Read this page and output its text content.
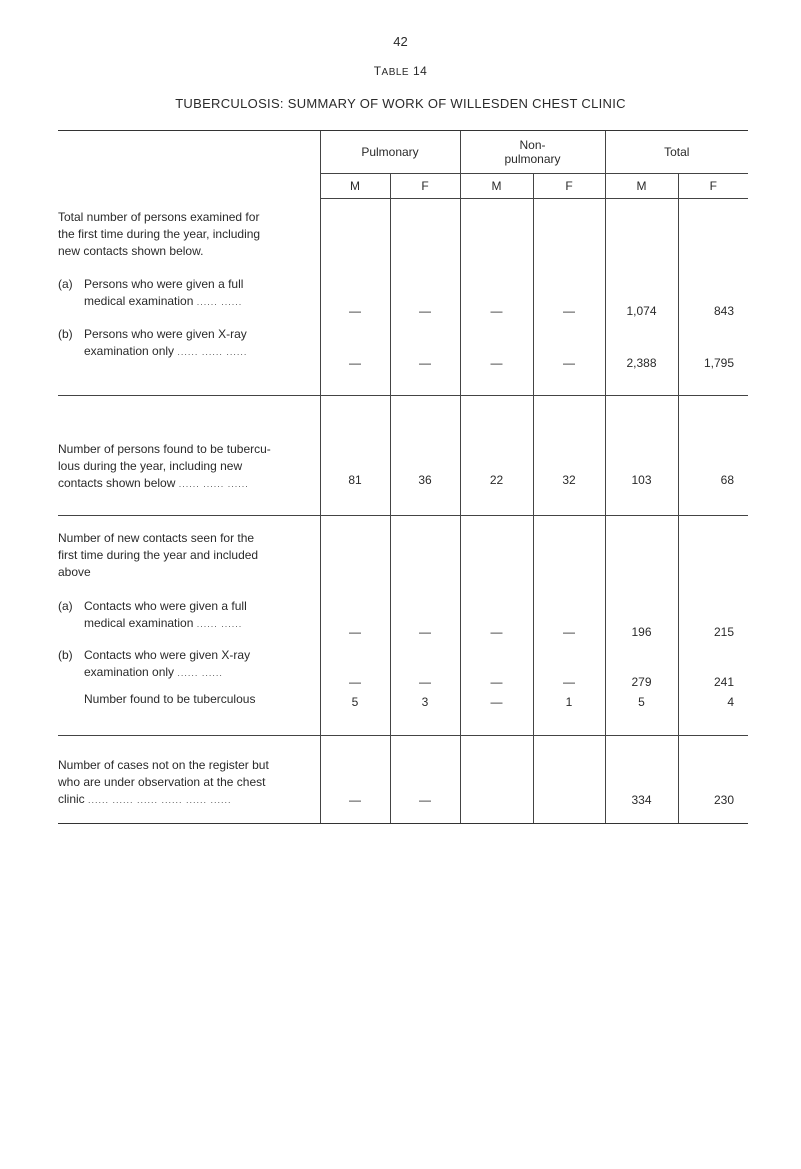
42
TABLE 14
TUBERCULOSIS: SUMMARY OF WORK OF WILLESDEN CHEST CLINIC
	Pulmonary		Non-
pulmonary		Total	
	M	F	M	F	M	F

Total number of persons examined for
the first time during the year, including
new contacts shown below.						

(a) Persons who were given a full
medical examination ...... ......	—	—	—	—	1,074	843

(b) Persons who were given X-ray
examination only ...... ...... ......	—	—	—	—	2,388	1,795

Number of persons found to be tubercu-
lous during the year, including new
contacts shown below ...... ...... ......	81	36	22	32	103	68

Number of new contacts seen for the
first time during the year and included
above						

(a) Contacts who were given a full
medical examination ...... ......	—	—	—	—	196	215

(b) Contacts who were given X-ray
examination only ...... ......	—	—	—	—	279	241

Number found to be tuberculous	5	3	—	1	5	4

Number of cases not on the register but
who are under observation at the chest
clinic ...... ...... ...... ...... ...... ......	—	—			334	230
